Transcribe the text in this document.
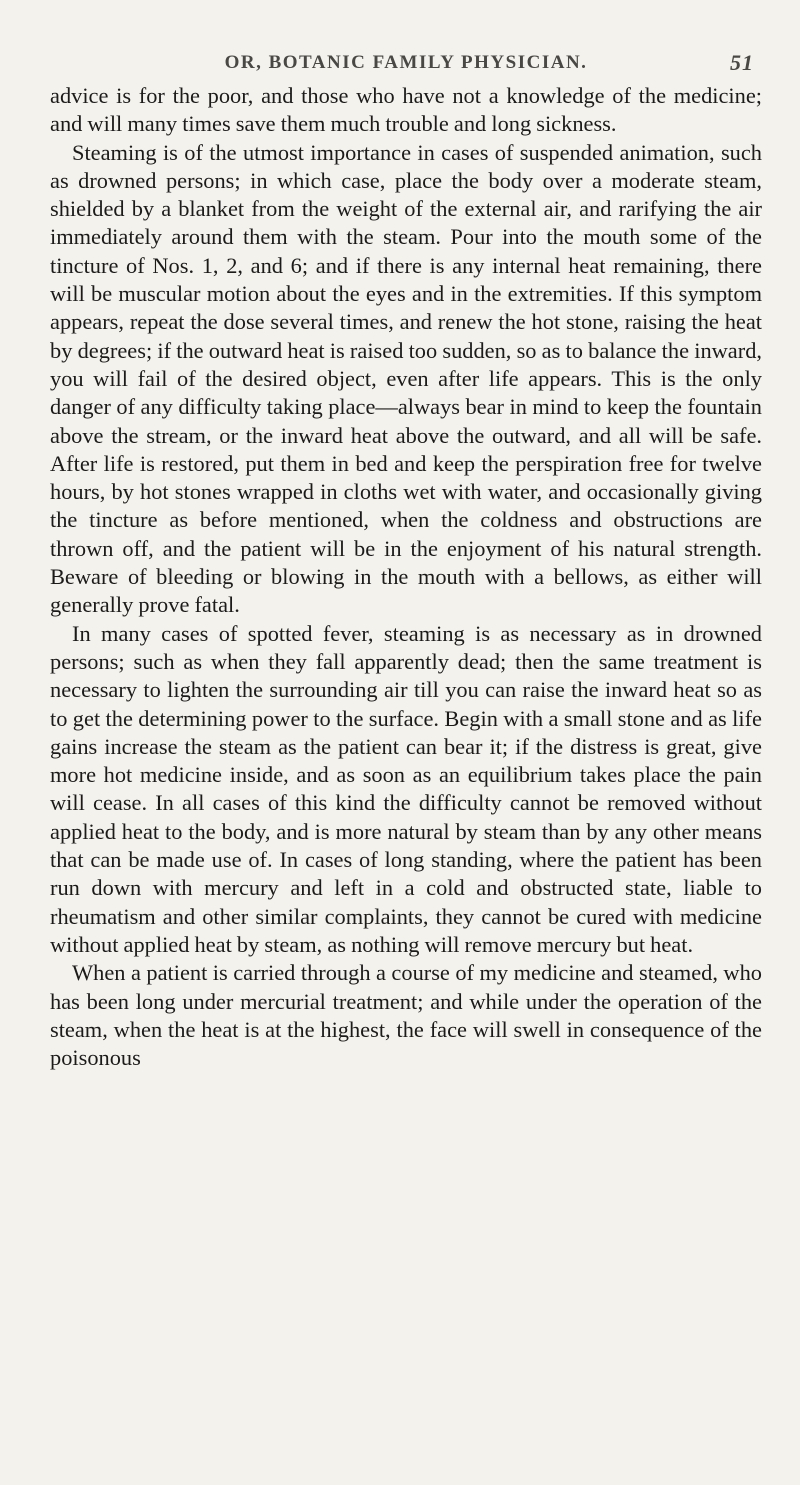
OR, BOTANIC FAMILY PHYSICIAN.	51

advice is for the poor, and those who have not a knowledge of the medicine; and will many times save them much trouble and long sickness.

Steaming is of the utmost importance in cases of suspended animation, such as drowned persons; in which case, place the body over a moderate steam, shielded by a blanket from the weight of the external air, and rarifying the air immediately around them with the steam. Pour into the mouth some of the tincture of Nos. 1, 2, and 6; and if there is any internal heat remaining, there will be muscular motion about the eyes and in the extremities. If this symptom appears, repeat the dose several times, and renew the hot stone, raising the heat by degrees; if the outward heat is raised too sudden, so as to balance the inward, you will fail of the desired object, even after life appears. This is the only danger of any difficulty taking place—always bear in mind to keep the fountain above the stream, or the inward heat above the outward, and all will be safe. After life is restored, put them in bed and keep the perspiration free for twelve hours, by hot stones wrapped in cloths wet with water, and occasionally giving the tincture as before mentioned, when the coldness and obstructions are thrown off, and the patient will be in the enjoyment of his natural strength. Beware of bleeding or blowing in the mouth with a bellows, as either will generally prove fatal.

In many cases of spotted fever, steaming is as necessary as in drowned persons; such as when they fall apparently dead; then the same treatment is necessary to lighten the surrounding air till you can raise the inward heat so as to get the determining power to the surface. Begin with a small stone and as life gains increase the steam as the patient can bear it; if the distress is great, give more hot medicine inside, and as soon as an equilibrium takes place the pain will cease. In all cases of this kind the difficulty cannot be removed without applied heat to the body, and is more natural by steam than by any other means that can be made use of. In cases of long standing, where the patient has been run down with mercury and left in a cold and obstructed state, liable to rheumatism and other similar complaints, they cannot be cured with medicine without applied heat by steam, as nothing will remove mercury but heat.

When a patient is carried through a course of my medicine and steamed, who has been long under mercurial treatment; and while under the operation of the steam, when the heat is at the highest, the face will swell in consequence of the poisonous
